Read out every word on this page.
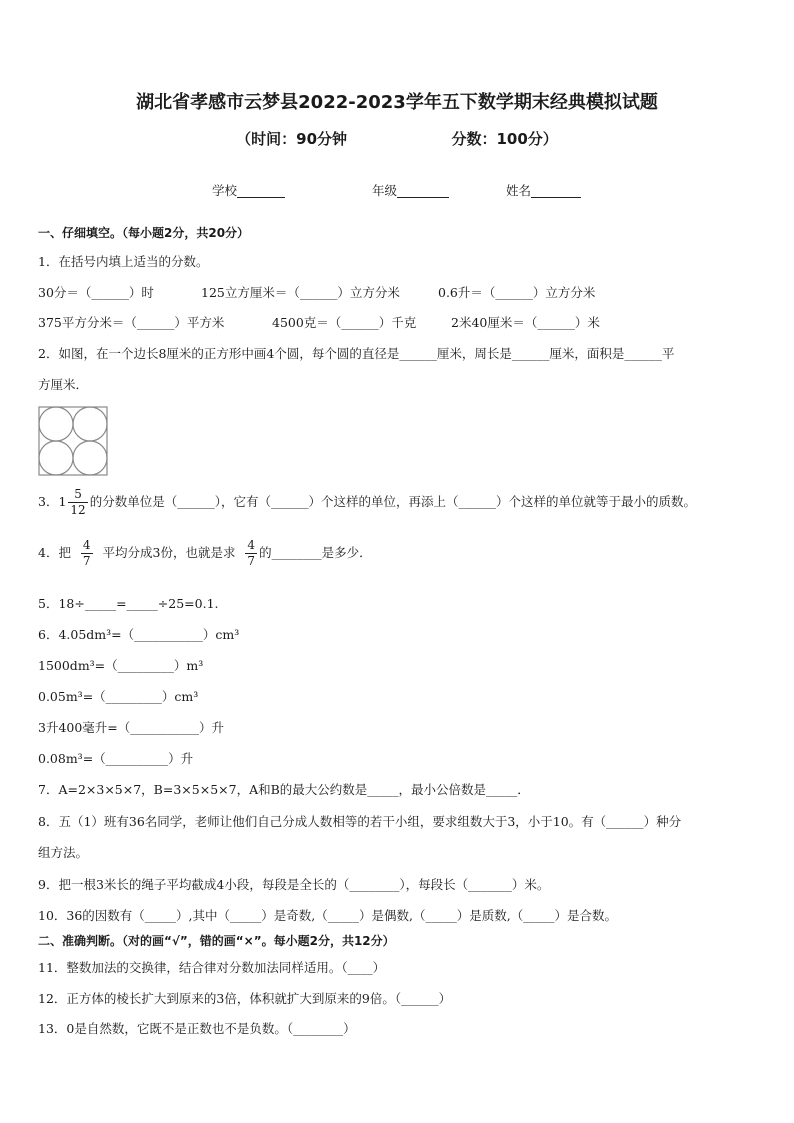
湖北省孝感市云梦县2022-2023学年五下数学期末经典模拟试题
（时间：90分钟	分数：100分）
学校	年级	姓名
一、仔细填空。（每小题2分，共20分）
1．在括号内填上适当的分数。
30分＝（______）时	125立方厘米＝（______）立方分米	0.6升＝（______）立方分米
375平方分米＝（______）平方米	4500克＝（______）千克	2米40厘米＝（______）米
2．如图，在一个边长8厘米的正方形中画4个圆，每个圆的直径是______厘米，周长是______厘米，面积是______平
方厘米．
3．$1 \frac{5}{12}$ 的分数单位是（______），它有（______）个这样的单位，再添上（______）个这样的单位就等于最小的质数。
4．把 $\frac{4}{7}$ 平均分成3份，也就是求 $\frac{4}{7}$ 的________是多少．
5．18÷_____=_____÷25=0.1.
6．4.05dm³=（___________）cm³
1500dm³=（_________）m³
0.05m³=（_________）cm³
3升400毫升=（___________）升
0.08m³=（__________）升
7．A=2×3×5×7，B=3×5×5×7，A和B的最大公约数是_____，最小公倍数是_____．
8．五（1）班有36名同学，老师让他们自己分成人数相等的若干小组，要求组数大于3，小于10。有（______）种分
组方法。
9．把一根3米长的绳子平均截成4小段，每段是全长的（________），每段长（_______）米。
10．36的因数有（_____）,其中（_____）是奇数,（_____）是偶数,（_____）是质数,（_____）是合数。
二、准确判断。（对的画“√”，错的画“×”。每小题2分，共12分）
11．整数加法的交换律，结合律对分数加法同样适用。（____）
12．正方体的棱长扩大到原来的3倍，体积就扩大到原来的9倍。（______）
13．0是自然数，它既不是正数也不是负数。（________）
